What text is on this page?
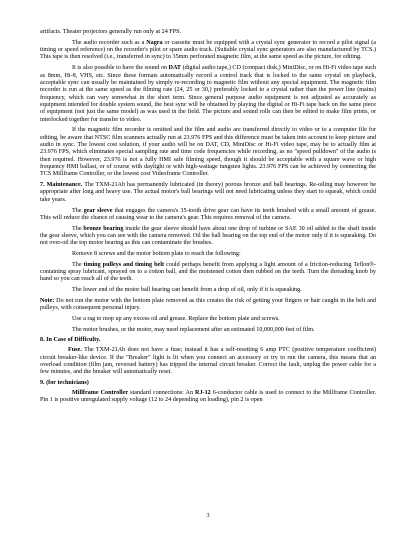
artifacts. Theater projectors generally run only at 24 FPS.

The audio recorder such as a Nagra or cassette must be equipped with a crystal sync generator to record a pilot signal (a timing or speed reference) on the recorder's pilot or spare audio track. (Suitable crystal sync generators are also manufactured by TCS.) This tape is then resolved (i.e., transferred in sync) to 35mm perforated magnetic film, at the same speed as the picture, for editing.

It is also possible to have the sound on DAT (digital audio tape,) CD (compact disk,) MiniDisc, or on Hi-Fi video tape such as 8mm, Hi-8, VHS, etc. Since these formats automatically record a control track that is locked to the same crystal on playback, acceptable sync can usually be maintained by simply re-recording to magnetic film without any special equipment. The magnetic film recorder is run at the same speed as the filming rate (24, 25 or 30,) preferably locked to a crystal rather than the power line (mains) frequency, which can vary somewhat in the short term. Since general purpose audio equipment is not adjusted as accurately as equipment intended for double system sound, the best sync will be obtained by playing the digital or Hi-Fi tape back on the same piece of equipment (not just the same model) as was used in the field. The picture and sound rolls can then be edited to make film prints, or interlocked together for transfer to video.

If the magnetic film recorder is omitted and the film and audio are transferred directly to video or to a computer file for editing, be aware that NTSC film scanners actually run at 23.976 FPS and this difference must be taken into account to keep picture and audio in sync. The lowest cost solution, if your audio will be on DAT, CD, MiniDisc or Hi-Fi video tape, may be to actually film at 23.976 FPS, which eliminates special sampling rate and time code frequencies while recording, as no "speed pulldown" of the audio is then required. However, 23.976 is not a fully HMI safe filming speed, though it should be acceptable with a square wave or high frequency HMI ballast, or of course with daylight or with high-wattage tungsten lights. 23.976 FPS can be achieved by connecting the TCS Millframe Controller, or the lowest cost Videoframe Controller.

7. Maintenance. The TXM-21Ab has permanently lubricated (in theory) porous bronze and ball bearings. Re-oiling may however be appropriate after long and heavy use. The actual motor's ball bearings will not need lubricating unless they start to squeak, which could take years.

The gear sleeve that engages the camera's 35-tooth drive gear can have its teeth brushed with a small amount of grease. This will reduce the chance of causing wear to the camera's gear. This requires removal of the camera.

The bronze bearing inside the gear sleeve should have about one drop of turbine or SAE 30 oil added to the shaft inside the gear sleeve, which you can see with the camera removed. Oil the ball bearing on the top end of the motor only if it is squeaking. Do not over-oil the top motor bearing as this can contaminate the brushes.

Remove 8 screws and the motor bottom plate to reach the following:

The timing pulleys and timing belt could perhaps benefit from applying a light amount of a friction-reducing Teflon®-containing spray lubricant, sprayed on to a cotton ball, and the moistened cotton then rubbed on the teeth. Turn the threading knob by hand so you can reach all of the teeth.

The lower end of the motor ball bearing can benefit from a drop of oil, only if it is squeaking.

Note: Do not run the motor with the bottom plate removed as this creates the risk of getting your fingers or hair caught in the belt and pulleys, with consequent personal injury.

Use a rag to mop up any excess oil and grease. Replace the bottom plate and screws.

The motor brushes, or the motor, may need replacement after an estimated 10,000,000 feet of film.

8. In Case of Difficulty.

Fuse. The TXM-21Ab does not have a fuse; instead it has a self-resetting 6 amp PTC (positive temperature coefficient) circuit breaker-like device. If the "Breaker" light is lit when you connect an accessory or try to run the camera, this means that an overload condition (film jam, reversed battery) has tripped the internal circuit breaker. Correct the fault, unplug the power cable for a few minutes, and the breaker will automatically reset.

9. (for technicians)

Millframe Controller standard connections: An RJ-12 6-conductor cable is used to connect to the Millframe Controller. Pin 1 is positive unregulated supply voltage (12 to 24 depending on loading), pin 2 is open

3
